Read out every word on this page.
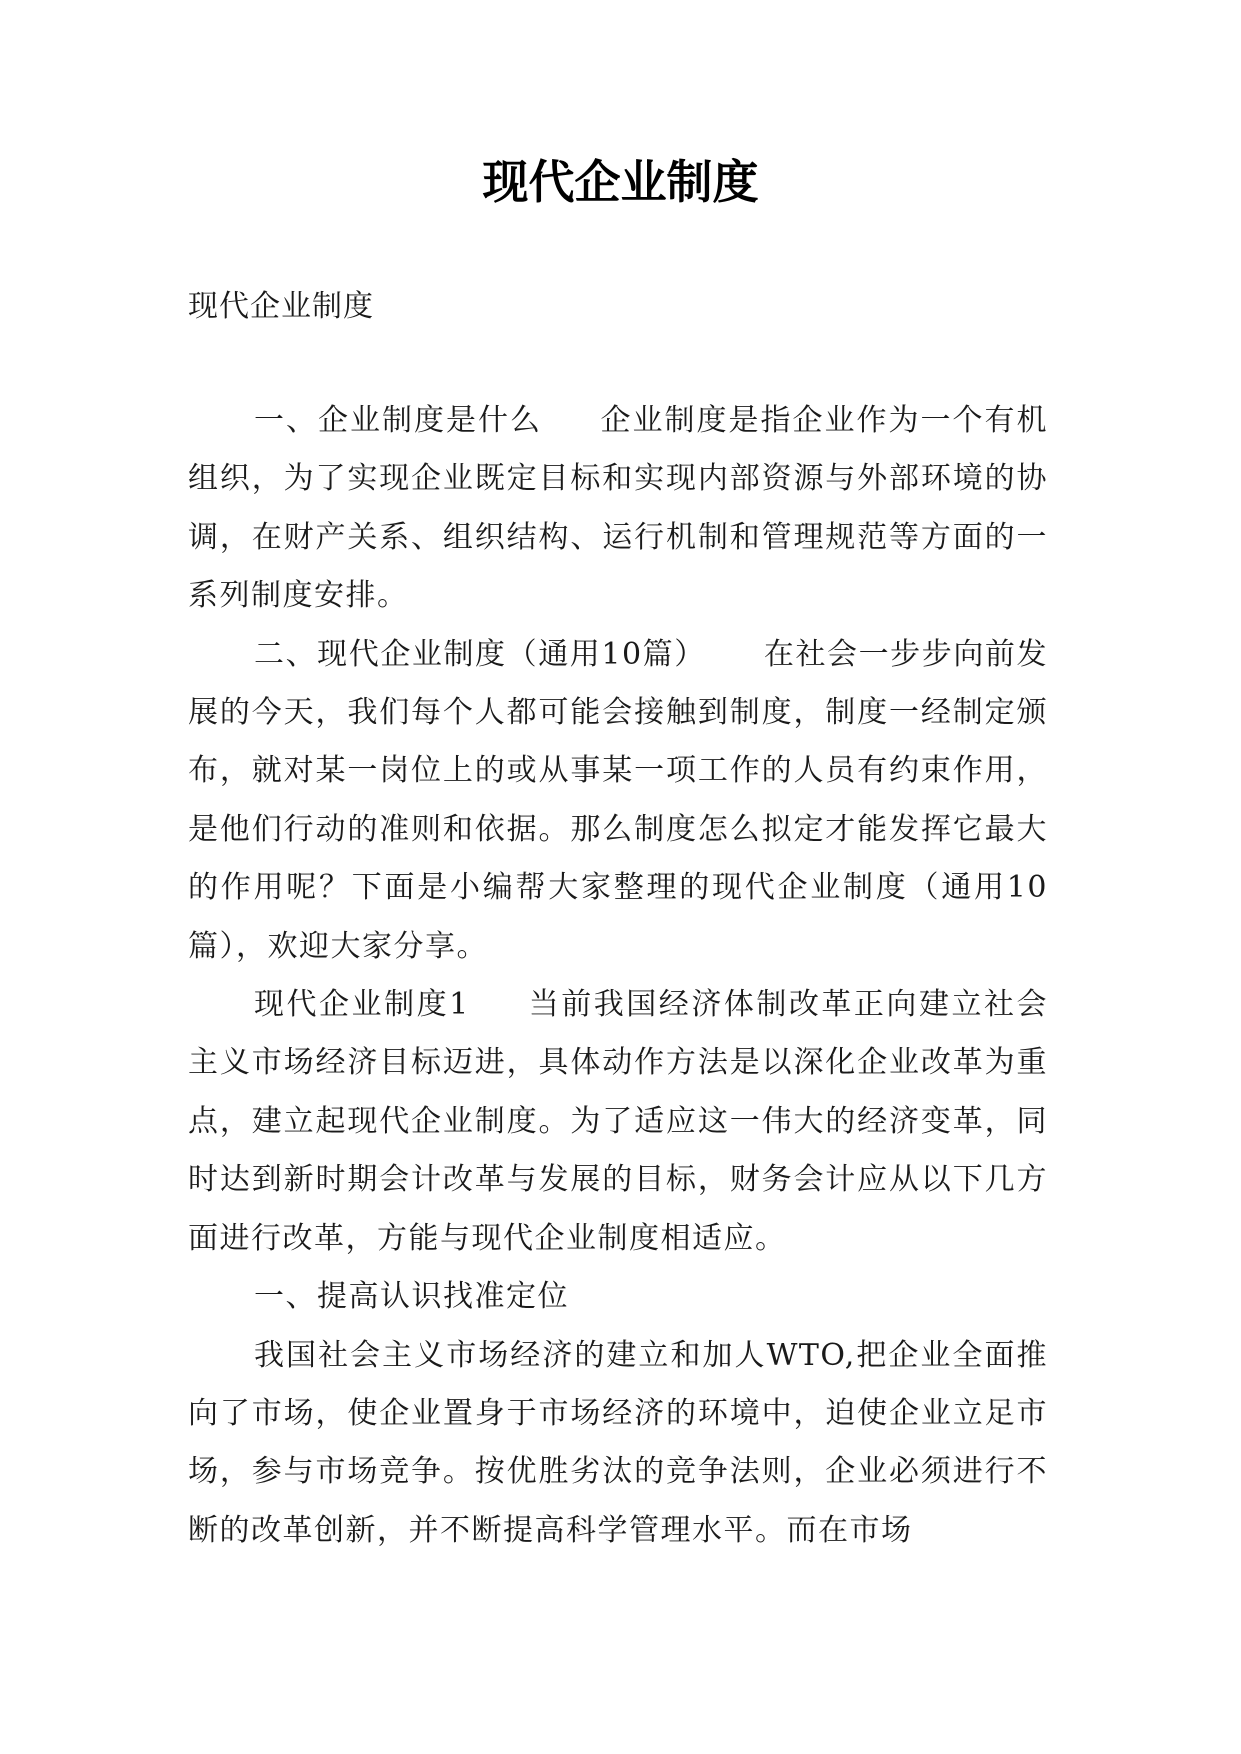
现代企业制度

现代企业制度

一、企业制度是什么 企业制度是指企业作为一个有机组织，为了实现企业既定目标和实现内部资源与外部环境的协调，在财产关系、组织结构、运行机制和管理规范等方面的一系列制度安排。

二、现代企业制度（通用10篇） 在社会一步步向前发展的今天，我们每个人都可能会接触到制度，制度一经制定颁布，就对某一岗位上的或从事某一项工作的人员有约束作用，是他们行动的准则和依据。那么制度怎么拟定才能发挥它最大的作用呢？下面是小编帮大家整理的现代企业制度（通用10篇），欢迎大家分享。

现代企业制度1 当前我国经济体制改革正向建立社会主义市场经济目标迈进，具体动作方法是以深化企业改革为重点，建立起现代企业制度。为了适应这一伟大的经济变革，同时达到新时期会计改革与发展的目标，财务会计应从以下几方面进行改革，方能与现代企业制度相适应。

一、提高认识找准定位

我国社会主义市场经济的建立和加人WTO,把企业全面推向了市场，使企业置身于市场经济的环境中，迫使企业立足市场，参与市场竞争。按优胜劣汰的竞争法则，企业必须进行不断的改革创新，并不断提高科学管理水平。而在市场
